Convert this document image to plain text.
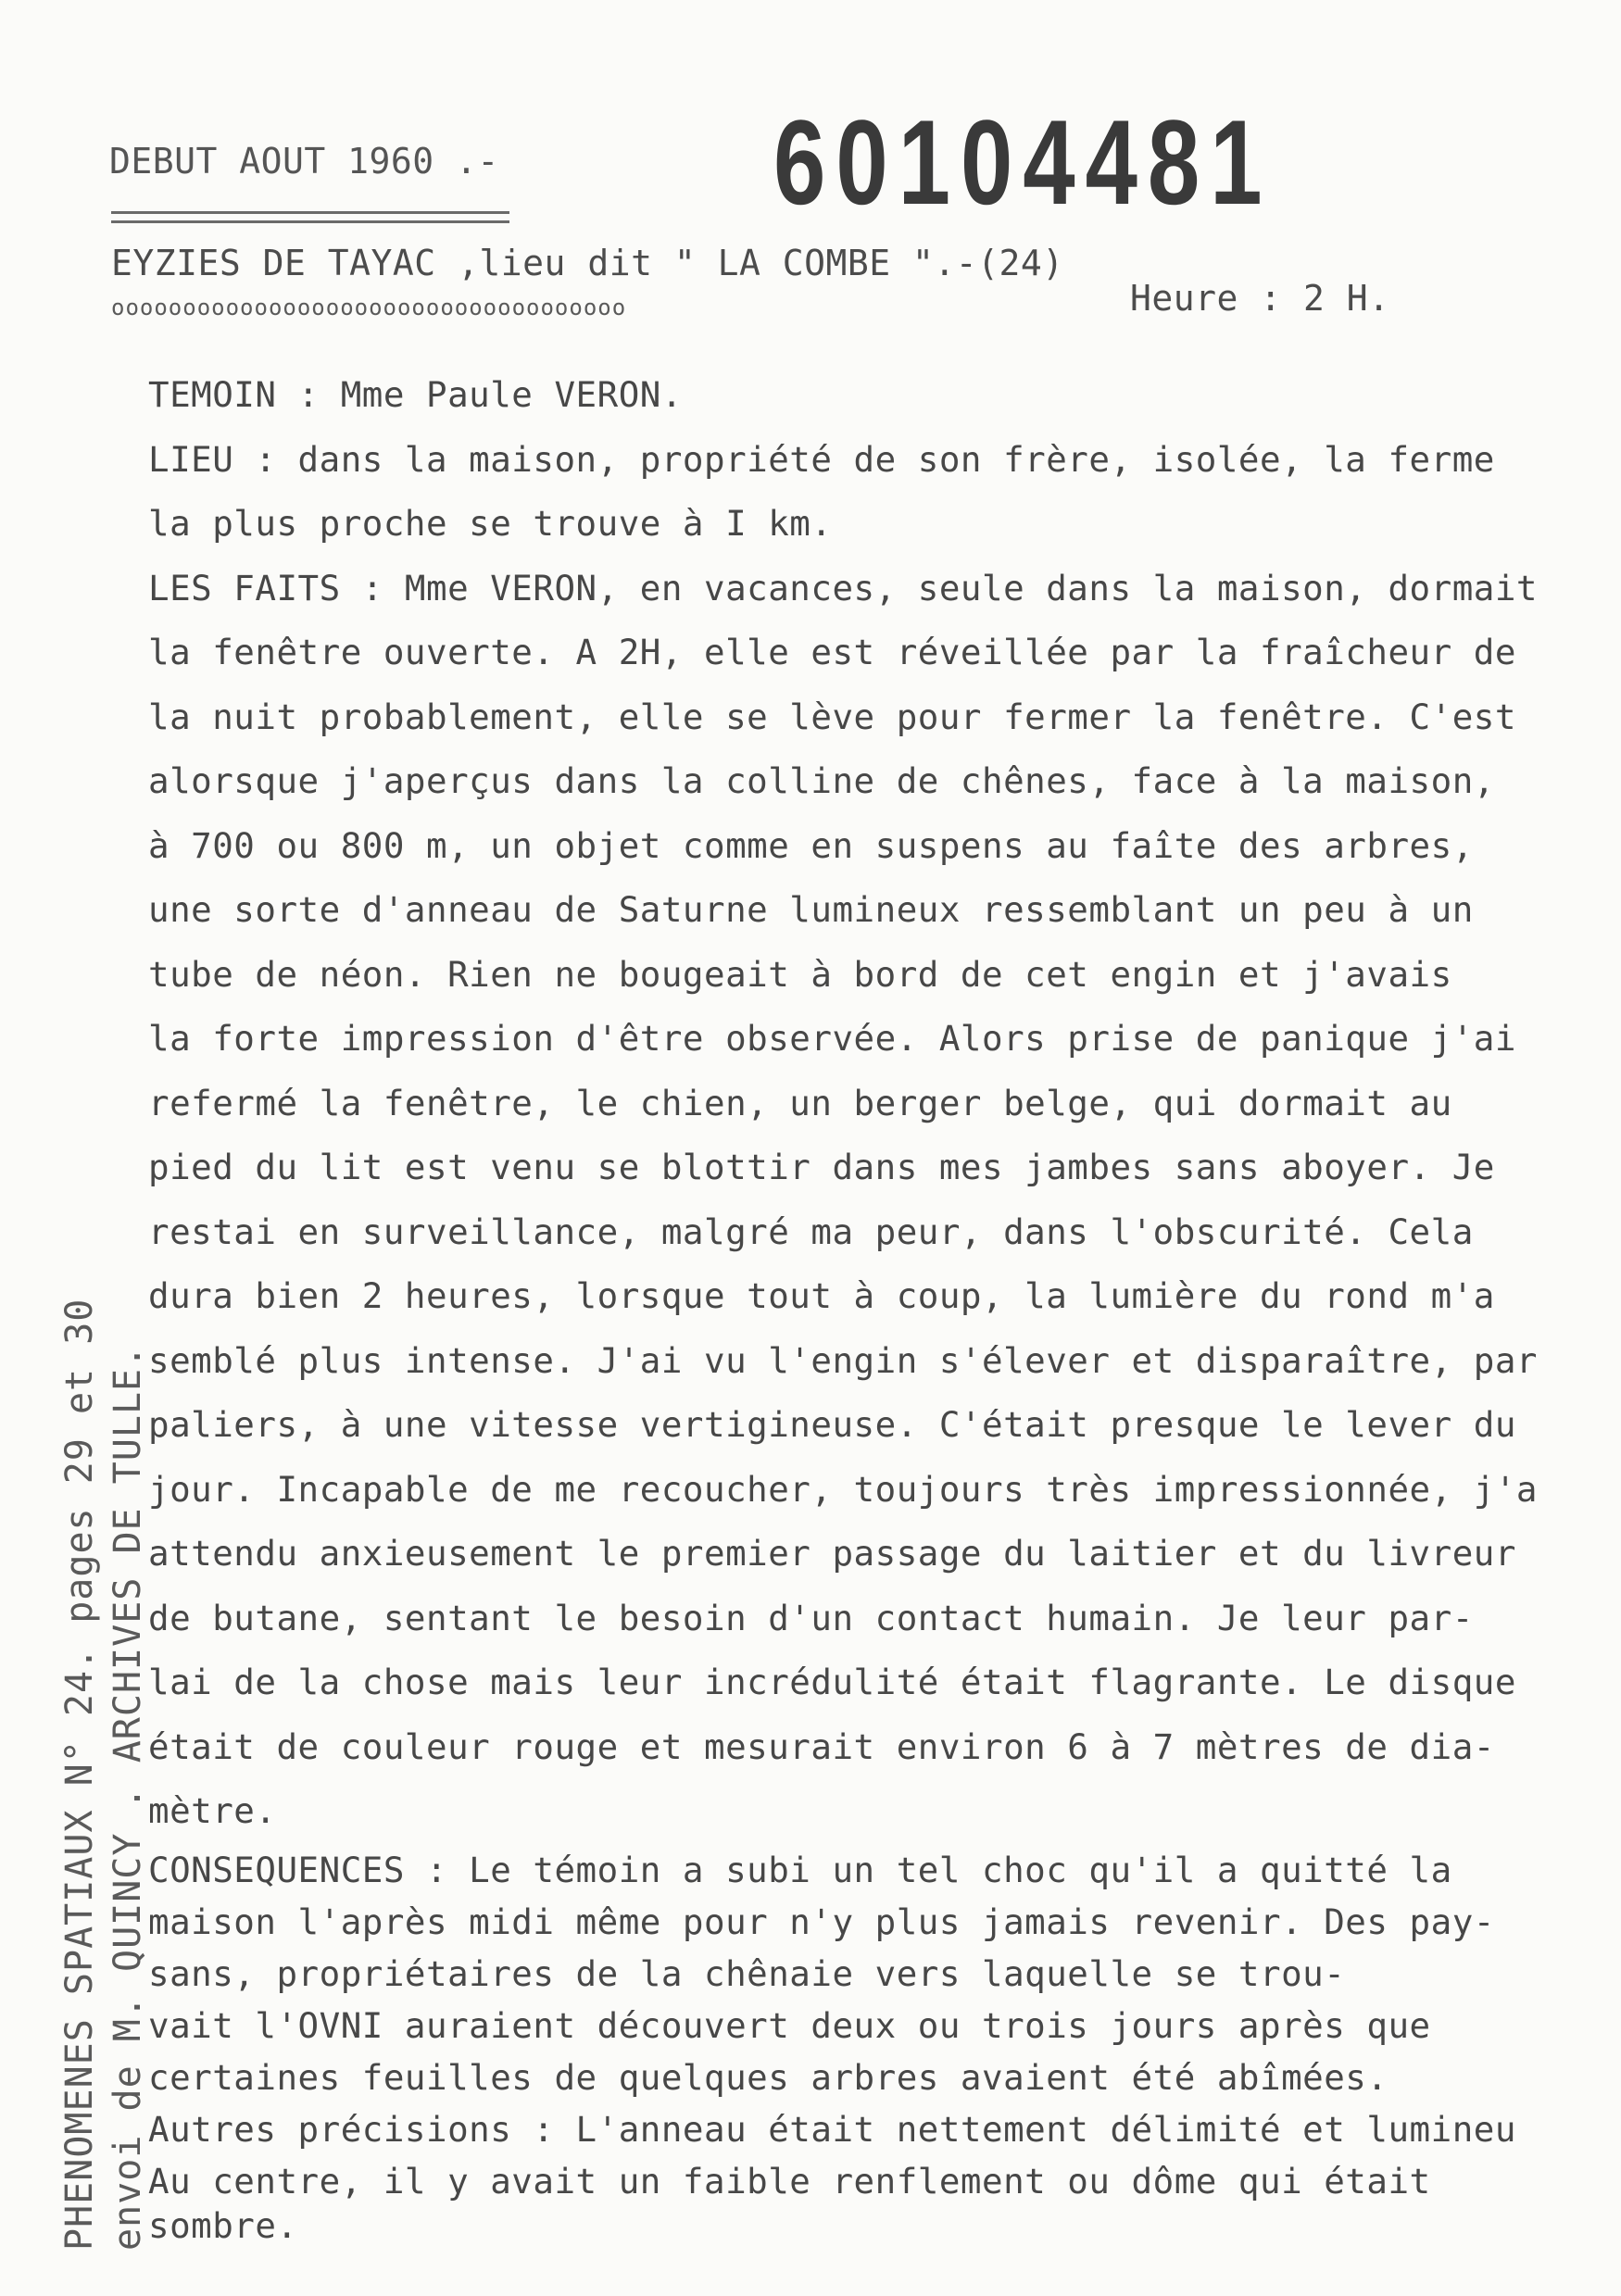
DEBUT AOUT 1960 .- 60104481
EYZIES DE TAYAC ,lieu dit " LA COMBE ".-(24)
oooooooooooooooooooooooooooooooooooo	Heure : 2 H.
TEMOIN : Mme Paule VERON.
LIEU : dans la maison, propriété de son frère, isolée, la ferme
la plus proche se trouve à I km.
LES FAITS : Mme VERON, en vacances, seule dans la maison, dormait
la fenêtre ouverte. A 2H, elle est réveillée par la fraîcheur de
la nuit probablement, elle se lève pour fermer la fenêtre. C'est
alorsque j'aperçus dans la colline de chênes, face à la maison,
à 700 ou 800 m, un objet comme en suspens au faîte des arbres,
une sorte d'anneau de Saturne lumineux ressemblant un peu à un
tube de néon. Rien ne bougeait à bord de cet engin et j'avais
la forte impression d'être observée. Alors prise de panique j'ai
refermé la fenêtre, le chien, un berger belge, qui dormait au
pied du lit est venu se blottir dans mes jambes sans aboyer. Je
restai en surveillance, malgré ma peur, dans l'obscurité. Cela
dura bien 2 heures, lorsque tout à coup, la lumière du rond m'a
semblé plus intense. J'ai vu l'engin s'élever et disparaître, par
paliers, à une vitesse vertigineuse. C'était presque le lever du
jour. Incapable de me recoucher, toujours très impressionnée, j'a
attendu anxieusement le premier passage du laitier et du livreur
de butane, sentant le besoin d'un contact humain. Je leur par-
lai de la chose mais leur incrédulité était flagrante. Le disque
était de couleur rouge et mesurait environ 6 à 7 mètres de dia-
mètre.
CONSEQUENCES : Le témoin a subi un tel choc qu'il a quitté la
maison l'après midi même pour n'y plus jamais revenir. Des pay-
sans, propriétaires de la chênaie vers laquelle se trou-
vait l'OVNI auraient découvert deux ou trois jours après que
certaines feuilles de quelques arbres avaient été abîmées.
Autres précisions : L'anneau était nettement délimité et lumineu
Au centre, il y avait un faible renflement ou dôme qui était
sombre.
PHENOMENES SPATIAUX N° 24. pages 29 et 30 envoi de M. QUINCY . ARCHIVES DE TULLE.
